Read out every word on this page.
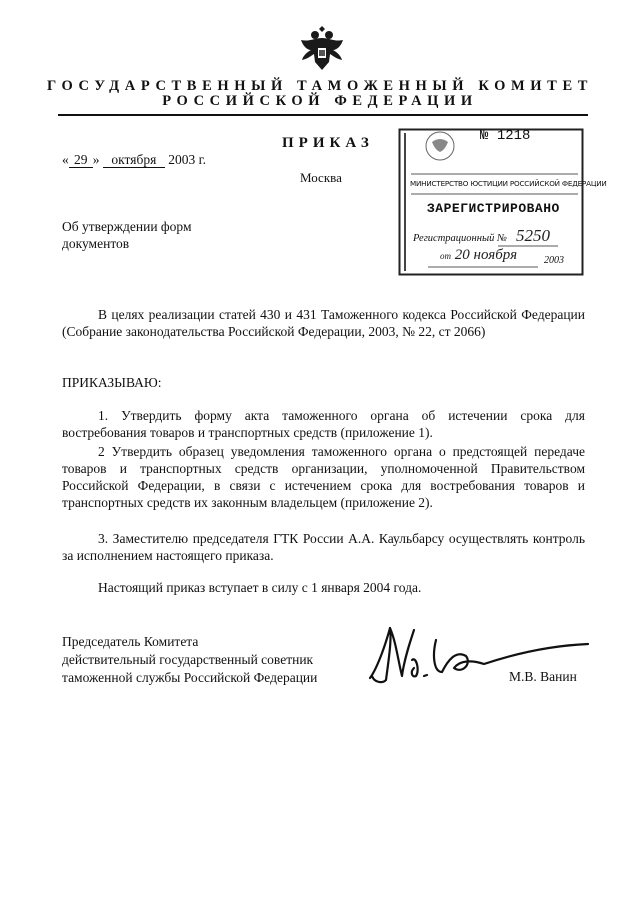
ГОСУДАРСТВЕННЫЙ ТАМОЖЕННЫЙ КОМИТЕТ
РОССИЙСКОЙ ФЕДЕРАЦИИ
ПРИКАЗ
« 29 » октября 2003 г.
Москва
№ 1218
МИНИСТЕРСТВО ЮСТИЦИИ РОССИЙСКОЙ ФЕДЕРАЦИИ
ЗАРЕГИСТРИРОВАНО
Регистрационный № 5250
от 20 ноября	2003
Об утверждении форм
документов
В целях реализации статей 430 и 431 Таможенного кодекса Российской Федерации (Собрание законодательства Российской Федерации, 2003, № 22, ст 2066)
ПРИКАЗЫВАЮ:
1. Утвердить форму акта таможенного органа об истечении срока для востребования товаров и транспортных средств (приложение 1).
2 Утвердить образец уведомления таможенного органа о предстоящей передаче товаров и транспортных средств организации, уполномоченной Правительством Российской Федерации, в связи с истечением срока для востребования товаров и транспортных средств их законным владельцем (приложение 2).
3. Заместителю председателя ГТК России А.А. Каульбарсу осуществлять контроль за исполнением настоящего приказа.
Настоящий приказ вступает в силу с 1 января 2004 года.
Председатель Комитета
действительный государственный советник
таможенной службы Российской Федерации	М.В. Ванин
